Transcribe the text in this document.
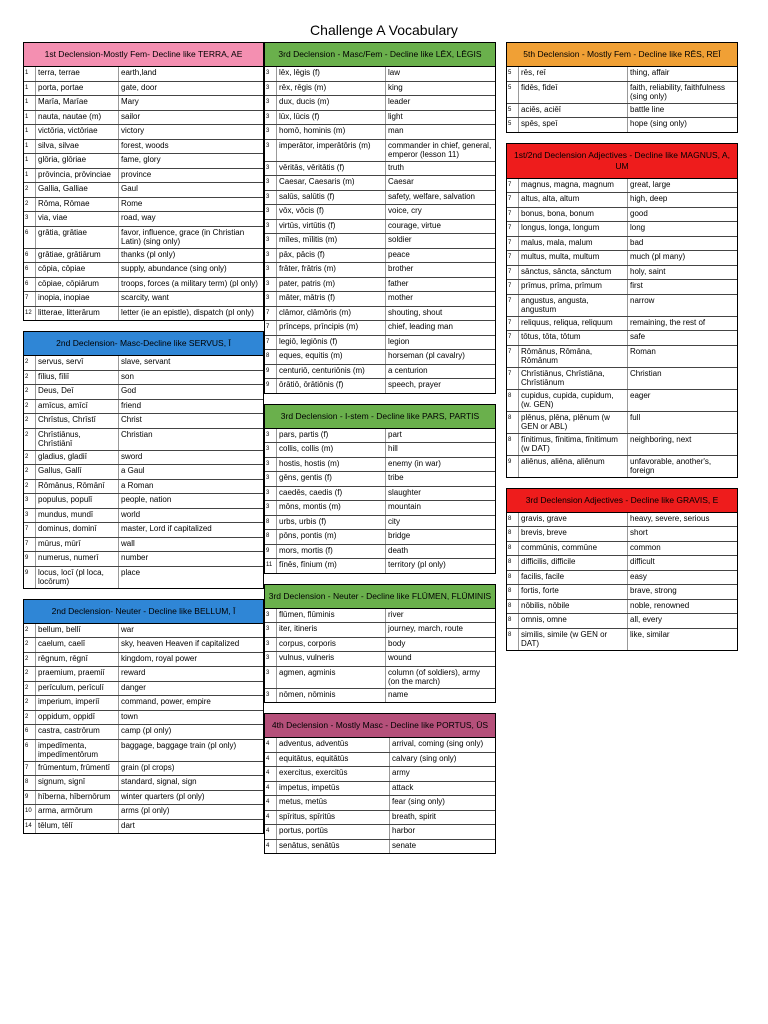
Challenge A Vocabulary
1st Declension-Mostly Fem- Decline like TERRA, AE
1	terra, terrae	earth,land
1	porta, portae	gate, door
1	Marīa, Marīae	Mary
1	nauta, nautae (m)	sailor
1	victōria, victōriae	victory
1	silva, silvae	forest, woods
1	glōria, glōriae	fame, glory
1	prōvincia, prōvinciae	province
2	Gallia, Galliae	Gaul
2	Rōma, Rōmae	Rome
3	via, viae	road, way
6	grātia, grātiae	favor, influence, grace (in Christian Latin) (sing only)
6	grātiae, grātiārum	thanks (pl only)
6	cōpia, cōpiae	supply, abundance (sing only)
6	cōpiae, cōpiārum	troops, forces (a military term) (pl only)
7	inopia, inopiae	scarcity, want
12	litterae, litterārum	letter (ie an epistle), dispatch (pl only)
2nd Declension- Masc-Decline like SERVUS, Ī
2	servus, servī	slave, servant
2	fīlius, fīliī	son
2	Deus, Deī	God
2	amīcus, amīcī	friend
2	Chrīstus, Chrīstī	Christ
2	Chrīstiānus, Chrīstiānī	Christian
2	gladius, gladiī	sword
2	Gallus, Gallī	a Gaul
2	Rōmānus, Rōmānī	a Roman
3	populus, populī	people, nation
3	mundus, mundī	world
7	dominus, dominī	master, Lord if capitalized
7	mūrus, mūrī	wall
9	numerus, numerī	number
9	locus, locī (pl loca, locōrum)	place
2nd Declension- Neuter - Decline like BELLUM, Ī
2	bellum, bellī	war
2	caelum, caelī	sky, heaven Heaven if capitalized
2	rēgnum, rēgnī	kingdom, royal power
2	praemium, praemiī	reward
2	perīculum, perīculī	danger
2	imperium, imperiī	command, power, empire
2	oppidum, oppidī	town
6	castra, castrōrum	camp (pl only)
6	impedīmenta, impedīmentōrum	baggage, baggage train (pl only)
7	frūmentum, frūmentī	grain (pl crops)
8	signum, signī	standard, signal, sign
9	hīberna, hībernōrum	winter quarters (pl only)
10	arma, armōrum	arms (pl only)
14	tēlum, tēlī	dart
3rd Declension - Masc/Fem - Decline like LĒX, LĒGIS
3	lēx, lēgis (f)	law
3	rēx, rēgis (m)	king
3	dux, ducis (m)	leader
3	lūx, lūcis (f)	light
3	homō, hominis (m)	man
3	imperātor, imperātōris (m)	commander in chief, general, emperor (lesson 11)
3	vēritās, vēritātis (f)	truth
3	Caesar, Caesaris (m)	Caesar
3	salūs, salūtis (f)	safety, welfare, salvation
3	vōx, vōcis (f)	voice, cry
3	virtūs, virtūtis (f)	courage, virtue
3	mīles, mīlitis (m)	soldier
3	pāx, pācis (f)	peace
3	frāter, frātris (m)	brother
3	pater, patris (m)	father
3	māter, mātris (f)	mother
7	clāmor, clāmōris (m)	shouting, shout
7	prīnceps, prīncipis (m)	chief, leading man
7	legiō, legiōnis (f)	legion
8	eques, equitis (m)	horseman (pl cavalry)
9	centuriō, centuriōnis (m)	a centurion
9	ōrātiō, ōrātiōnis (f)	speech, prayer
3rd Declension - I-stem - Decline like PARS, PARTIS
3	pars, partis (f)	part
3	collis, collis (m)	hill
3	hostis, hostis (m)	enemy (in war)
3	gēns, gentis (f)	tribe
3	caedēs, caedis (f)	slaughter
3	mōns, montis (m)	mountain
8	urbs, urbis (f)	city
8	pōns, pontis (m)	bridge
9	mors, mortis (f)	death
11	fīnēs, fīnium (m)	territory (pl only)
3rd Declension - Neuter - Decline like FLŪMEN, FLŪMINIS
3	flūmen, flūminis	river
3	iter, itineris	journey, march, route
3	corpus, corporis	body
3	vulnus, vulneris	wound
3	agmen, agminis	column (of soldiers), army (on the march)
3	nōmen, nōminis	name
4th Declension - Mostly Masc - Decline like PORTUS, ŪS
4	adventus, adventūs	arrival, coming (sing only)
4	equitātus, equitātūs	calvary (sing only)
4	exercitus, exercitūs	army
4	impetus, impetūs	attack
4	metus, metūs	fear (sing only)
4	spīritus, spīritūs	breath, spirit
4	portus, portūs	harbor
4	senātus, senātūs	senate
5th Declension - Mostly Fem - Decline like RĒS, REĪ
5	rēs, reī	thing, affair
5	fidēs, fideī	faith, reliability, faithfulness (sing only)
5	aciēs, aciēī	battle line
5	spēs, speī	hope (sing only)
1st/2nd Declension Adjectives - Decline like MAGNUS, A, UM
7	magnus, magna, magnum	great, large
7	altus, alta, altum	high, deep
7	bonus, bona, bonum	good
7	longus, longa, longum	long
7	malus, mala, malum	bad
7	multus, multa, multum	much (pl many)
7	sānctus, sāncta, sānctum	holy, saint
7	prīmus, prīma, prīmum	first
7	angustus, angusta, angustum	narrow
7	reliquus, reliqua, reliquum	remaining, the rest of
7	tōtus, tōta, tōtum	safe
7	Rōmānus, Rōmāna, Rōmānum	Roman
7	Chrīstiānus, Chrīstiāna, Chrīstiānum	Christian
8	cupidus, cupida, cupidum, (w. GEN)	eager
8	plēnus, plēna, plēnum (w GEN or ABL)	full
8	fīnitimus, fīnitima, fīnitimum (w DAT)	neighboring, next
9	aliēnus, aliēna, aliēnum	unfavorable, another's, foreign
3rd Declension Adjectives - Decline like GRAVIS, E
8	gravis, grave	heavy, severe, serious
8	brevis, breve	short
8	commūnis, commūne	common
8	difficilis, difficile	difficult
8	facilis, facile	easy
8	fortis, forte	brave, strong
8	nōbilis, nōbile	noble, renowned
8	omnis, omne	all, every
8	similis, simile (w GEN or DAT)	like, similar
